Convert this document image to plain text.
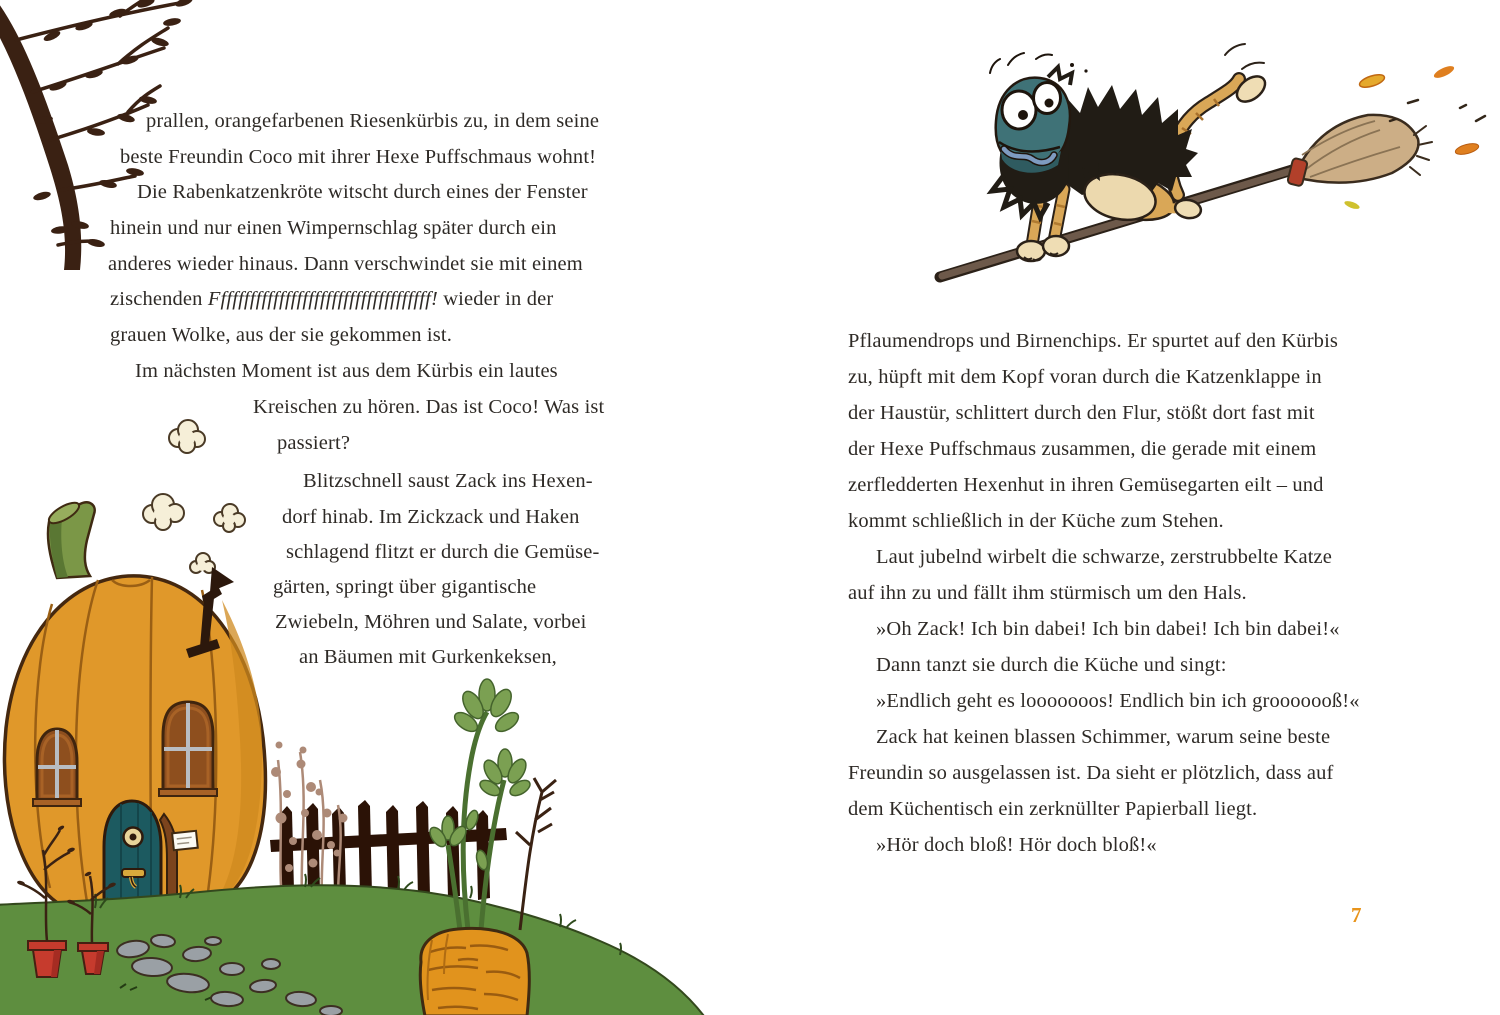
prallen, orangefarbenen Riesenkürbis zu, in dem seine
beste Freundin Coco mit ihrer Hexe Puffschmaus wohnt!
Die Rabenkatzenkröte witscht durch eines der Fenster
hinein und nur einen Wimpernschlag später durch ein
anderes wieder hinaus. Dann verschwindet sie mit einem
zischenden Fffffffffffffffffffffffffffffffffffff! wieder in der
grauen Wolke, aus der sie gekommen ist.
Im nächsten Moment ist aus dem Kürbis ein lautes
Kreischen zu hören. Das ist Coco! Was ist
passiert?
Blitzschnell saust Zack ins Hexen-
dorf hinab. Im Zickzack und Haken
schlagend flitzt er durch die Gemüse-
gärten, springt über gigantische
Zwiebeln, Möhren und Salate, vorbei
an Bäumen mit Gurkenkeksen,
Pflaumendrops und Birnenchips. Er spurtet auf den Kürbis
zu, hüpft mit dem Kopf voran durch die Katzenklappe in
der Haustür, schlittert durch den Flur, stößt dort fast mit
der Hexe Puffschmaus zusammen, die gerade mit einem
zerfledderten Hexenhut in ihren Gemüsegarten eilt – und
kommt schließlich in der Küche zum Stehen.
Laut jubelnd wirbelt die schwarze, zerstrubbelte Katze
auf ihn zu und fällt ihm stürmisch um den Hals.
»Oh Zack! Ich bin dabei! Ich bin dabei! Ich bin dabei!«
Dann tanzt sie durch die Küche und singt:
»Endlich geht es looooooos! Endlich bin ich grooooooß!«
Zack hat keinen blassen Schimmer, warum seine beste
Freundin so ausgelassen ist. Da sieht er plötzlich, dass auf
dem Küchentisch ein zerknüllter Papierball liegt.
»Hör doch bloß! Hör doch bloß!«
7
